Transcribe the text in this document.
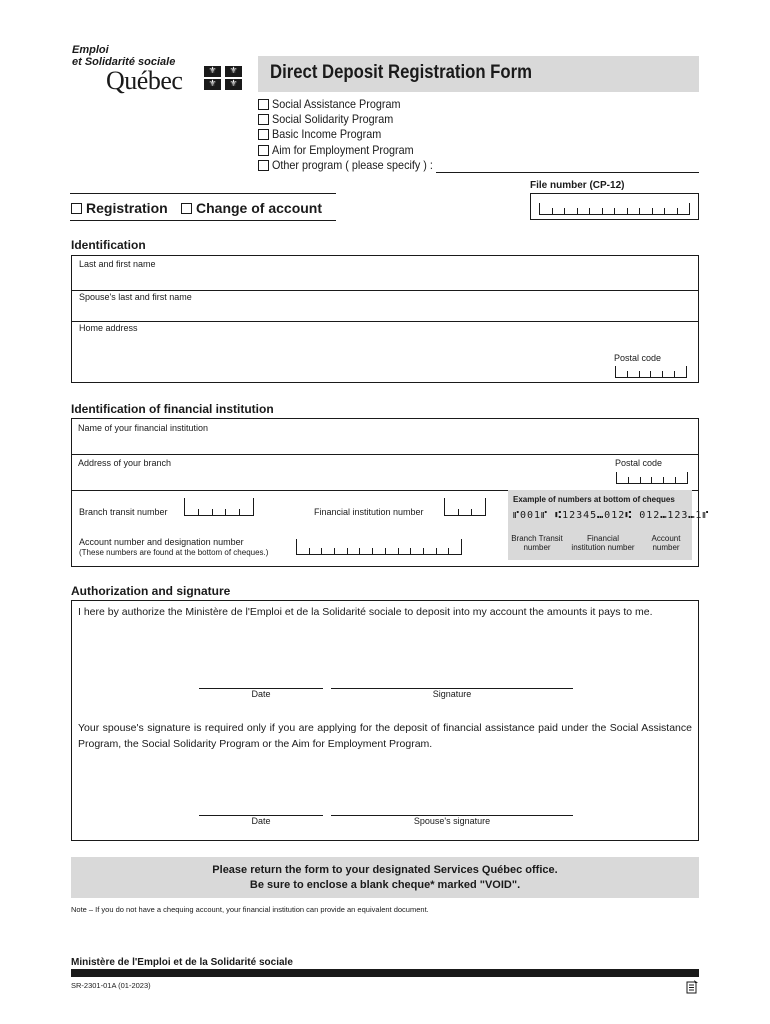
Emploi
et Solidarité sociale
Québec	⚜	⚜
⚜	⚜
Direct Deposit Registration Form
Social Assistance Program
Social Solidarity Program
Basic Income Program
Aim for Employment Program
Other program ( please specify ) :
File number (CP-12)
Registration Change of account
Identification
Last and first name
Spouse's last and first name
Home address
Postal code
Identification of financial institution
Name of your financial institution
Address of your branch	Postal code
Branch transit number	Financial institution number
Account number and designation number
(These numbers are found at the bottom of cheques.)
Example of numbers at bottom of cheques
⑈001⑈ ⑆12345⑉012⑆ 012⑉123⑉1⑈
Branch Transit
number
Financial
institution number
Account
number
Authorization and signature
I here by authorize the Ministère de l'Emploi et de la Solidarité sociale to deposit into my account the amounts it pays to me.
Date	Signature
Your spouse's signature is required only if you are applying for the deposit of financial assistance paid under the Social Assistance Program, the Social Solidarity Program or the Aim for Employment Program.
Date	Spouse's signature
Please return the form to your designated Services Québec office.
Be sure to enclose a blank cheque* marked "VOID".
Note – If you do not have a chequing account, your financial institution can provide an equivalent document.
Ministère de l'Emploi et de la Solidarité sociale
SR-2301-01A (01-2023)
